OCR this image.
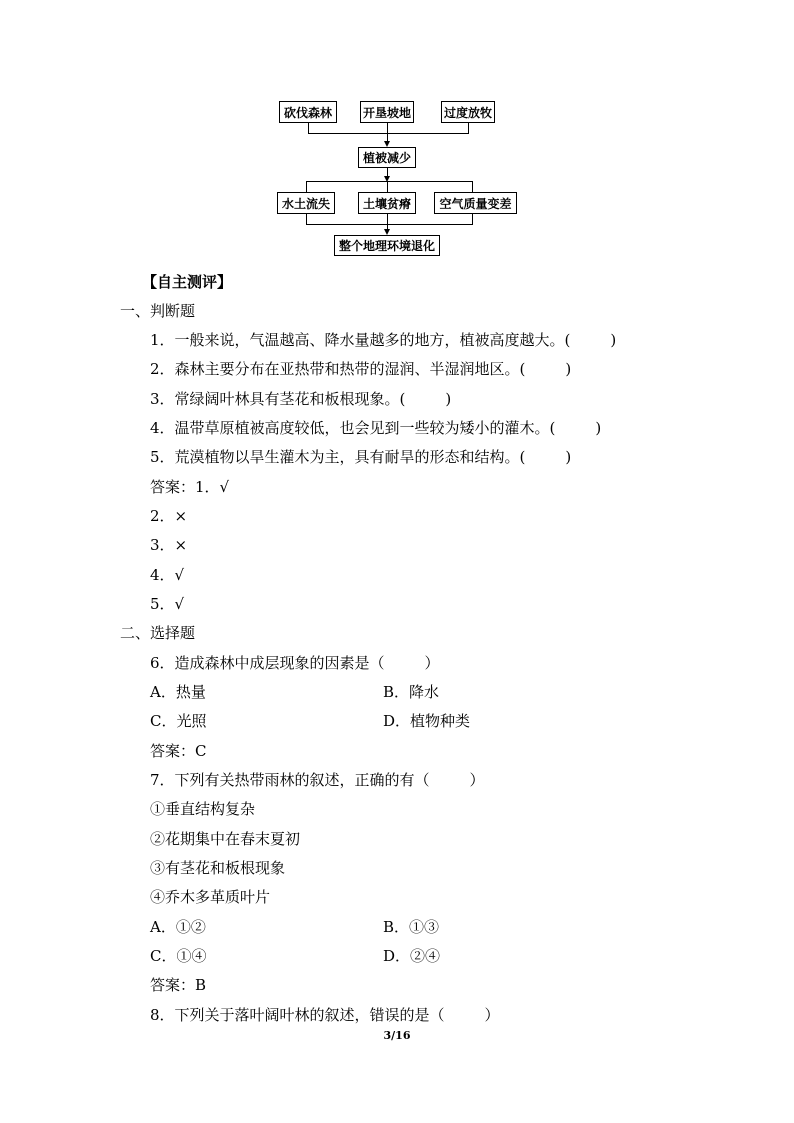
砍伐森林	开垦坡地	过度放牧
植被减少
水土流失	土壤贫瘠	空气质量变差
整个地理环境退化
【自主测评】
一、判断题
1．一般来说，气温越高、降水量越多的地方，植被高度越大。(	)
2．森林主要分布在亚热带和热带的湿润、半湿润地区。(	)
3．常绿阔叶林具有茎花和板根现象。(	)
4．温带草原植被高度较低，也会见到一些较为矮小的灌木。(	)
5．荒漠植物以旱生灌木为主，具有耐旱的形态和结构。(	)
答案：1．√
2．×
3．×
4．√
5．√
二、选择题
6．造成森林中成层现象的因素是（	）
A．热量	B．降水
C．光照	D．植物种类
答案：C
7．下列有关热带雨林的叙述，正确的有（	）
①垂直结构复杂
②花期集中在春末夏初
③有茎花和板根现象
④乔木多革质叶片
A．①②	B．①③
C．①④	D．②④
答案：B
8．下列关于落叶阔叶林的叙述，错误的是（	）
3/16
